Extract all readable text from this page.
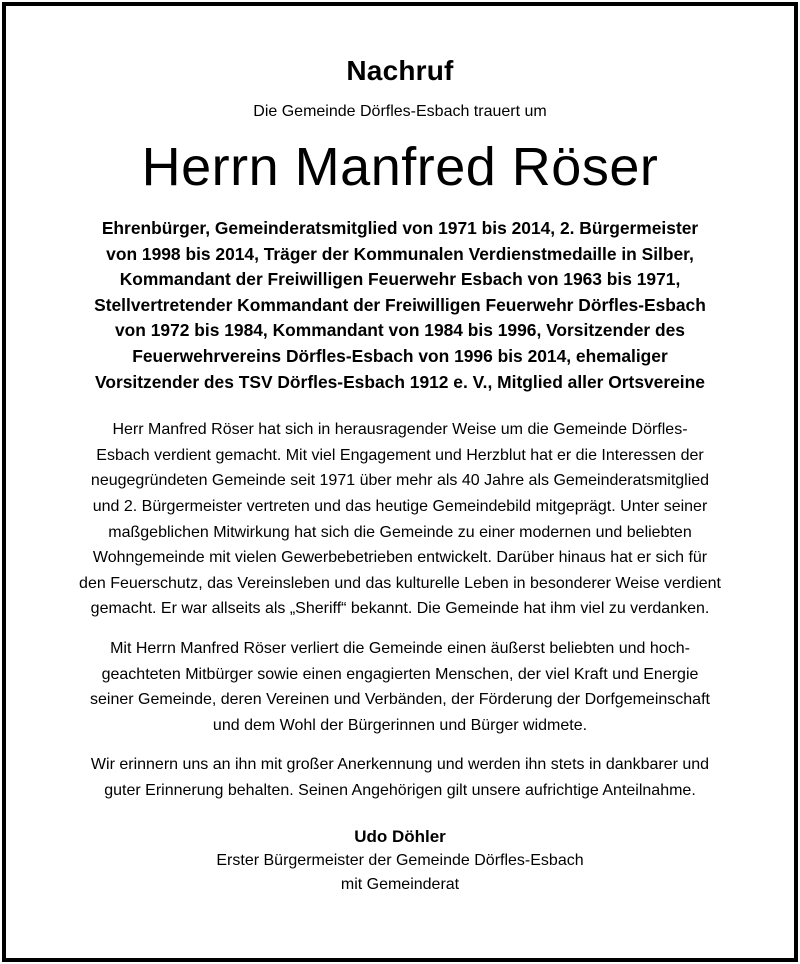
Nachruf

Die Gemeinde Dörfles-Esbach trauert um

Herrn Manfred Röser

Ehrenbürger, Gemeinderatsmitglied von 1971 bis 2014, 2. Bürgermeister
von 1998 bis 2014, Träger der Kommunalen Verdienstmedaille in Silber,
Kommandant der Freiwilligen Feuerwehr Esbach von 1963 bis 1971,
Stellvertretender Kommandant der Freiwilligen Feuerwehr Dörfles-Esbach
von 1972 bis 1984, Kommandant von 1984 bis 1996, Vorsitzender des
Feuerwehrvereins Dörfles-Esbach von 1996 bis 2014, ehemaliger
Vorsitzender des TSV Dörfles-Esbach 1912 e. V., Mitglied aller Ortsvereine

Herr Manfred Röser hat sich in herausragender Weise um die Gemeinde Dörfles-
Esbach verdient gemacht. Mit viel Engagement und Herzblut hat er die Interessen der
neugegründeten Gemeinde seit 1971 über mehr als 40 Jahre als Gemeinderatsmitglied
und 2. Bürgermeister vertreten und das heutige Gemeindebild mitgeprägt. Unter seiner
maßgeblichen Mitwirkung hat sich die Gemeinde zu einer modernen und beliebten
Wohngemeinde mit vielen Gewerbebetrieben entwickelt. Darüber hinaus hat er sich für
den Feuerschutz, das Vereinsleben und das kulturelle Leben in besonderer Weise verdient
gemacht. Er war allseits als „Sheriff“ bekannt. Die Gemeinde hat ihm viel zu verdanken.

Mit Herrn Manfred Röser verliert die Gemeinde einen äußerst beliebten und hoch-
geachteten Mitbürger sowie einen engagierten Menschen, der viel Kraft und Energie
seiner Gemeinde, deren Vereinen und Verbänden, der Förderung der Dorfgemeinschaft
und dem Wohl der Bürgerinnen und Bürger widmete.

Wir erinnern uns an ihn mit großer Anerkennung und werden ihn stets in dankbarer und
guter Erinnerung behalten. Seinen Angehörigen gilt unsere aufrichtige Anteilnahme.

Udo Döhler

Erster Bürgermeister der Gemeinde Dörfles-Esbach

mit Gemeinderat
